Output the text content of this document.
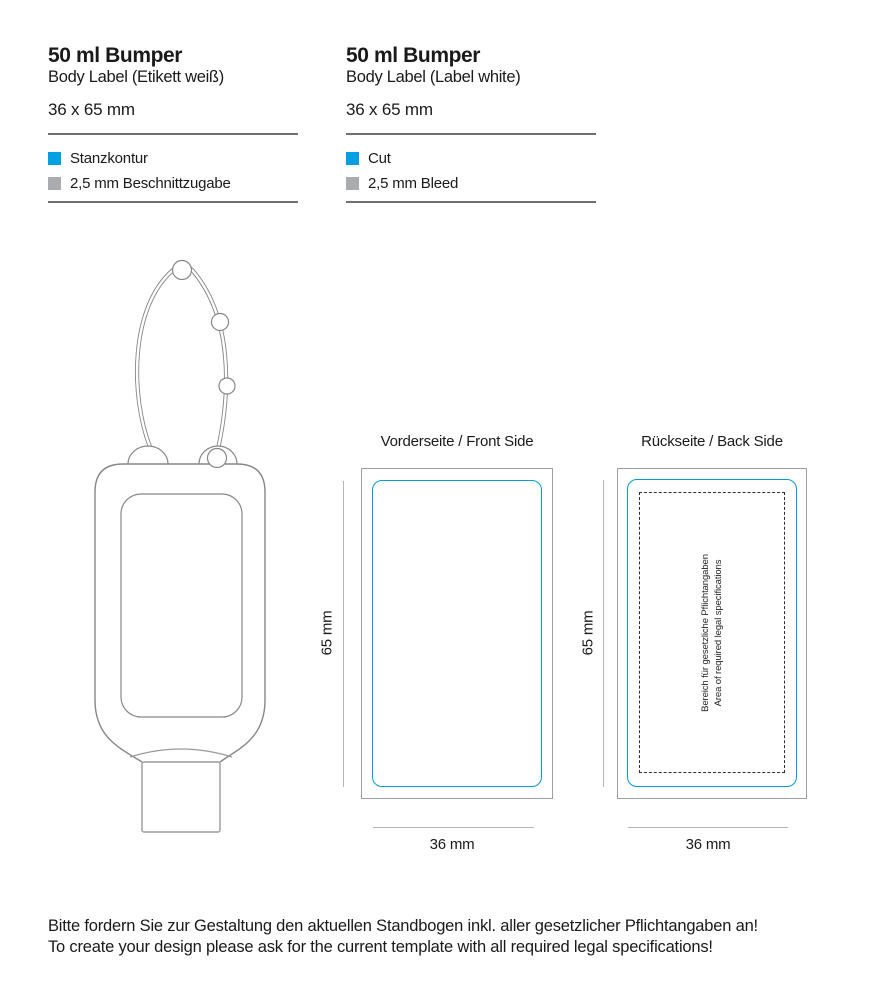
50 ml Bumper
Body Label (Etikett weiß)
36 x 65 mm
Stanzkontur
2,5 mm Beschnittzugabe
50 ml Bumper
Body Label (Label white)
36 x 65 mm
Cut
2,5 mm Bleed
Vorderseite / Front Side
65 mm
36 mm
Rückseite / Back Side
Bereich für gesetzliche Pflichtangaben Area of required legal specifications
65 mm
36 mm
Bitte fordern Sie zur Gestaltung den aktuellen Standbogen inkl. aller gesetzlicher Pflichtangaben an!
To create your design please ask for the current template with all required legal specifications!
